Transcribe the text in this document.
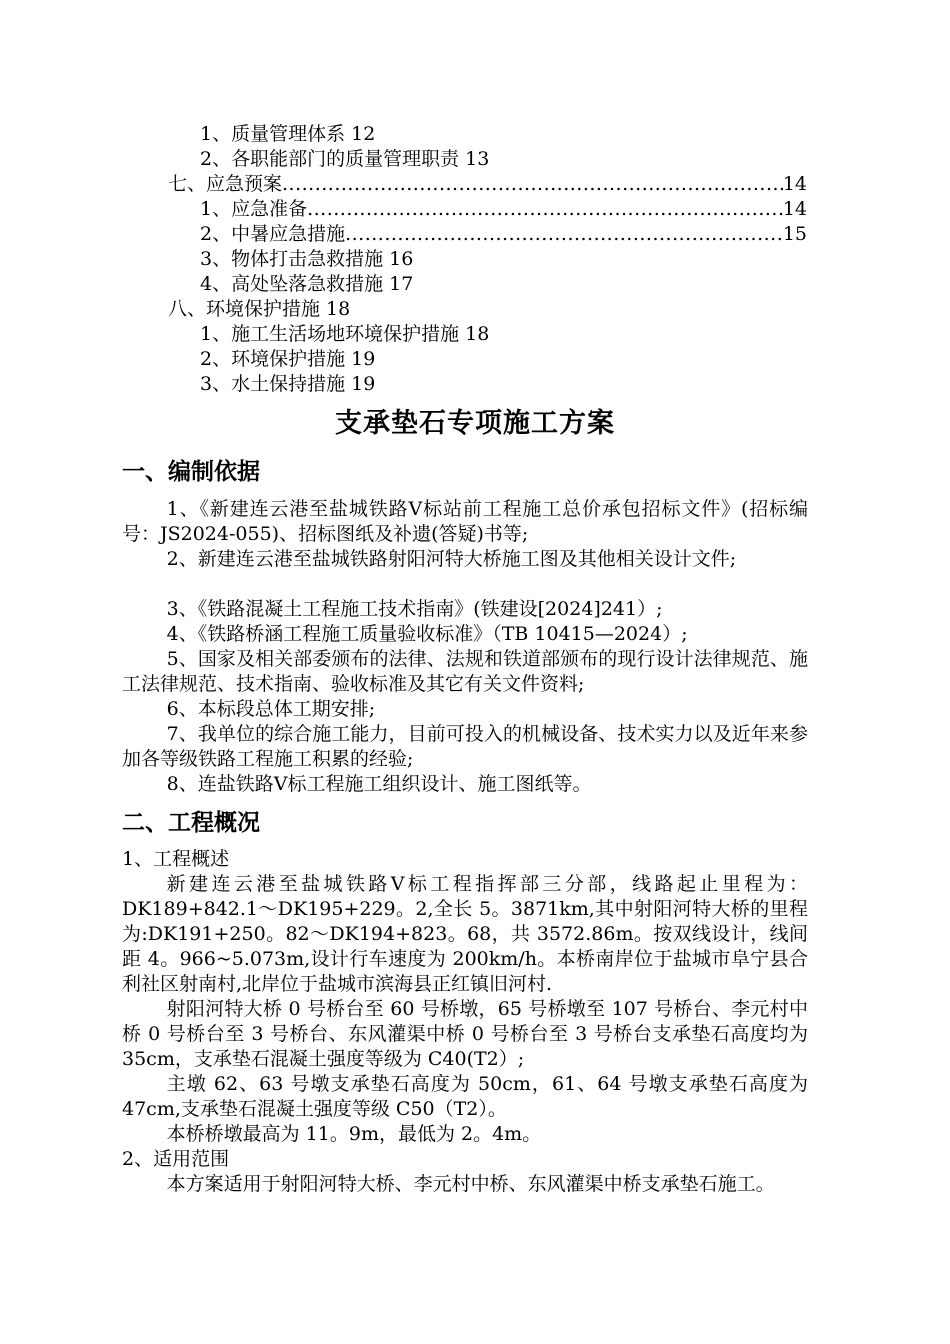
1、质量管理体系 12
2、各职能部门的质量管理职责 13
七、应急预案 .....	14
1、应急准备 .....	14
2、中暑应急措施 .....	15
3、物体打击急救措施 16
4、高处坠落急救措施 17
八、环境保护措施 18
1、施工生活场地环境保护措施 18
2、环境保护措施 19
3、水土保持措施 19
支承垫石专项施工方案
一、编制依据
1、《新建连云港至盐城铁路Ⅴ标站前工程施工总价承包招标文件》(招标编号：JS2024-055)、招标图纸及补遗(答疑)书等;
2、新建连云港至盐城铁路射阳河特大桥施工图及其他相关设计文件;
3、《铁路混凝土工程施工技术指南》(铁建设[2024]241）;
4、《铁路桥涵工程施工质量验收标准》（TB 10415—2024）;
5、国家及相关部委颁布的法律、法规和铁道部颁布的现行设计法律规范、施工法律规范、技术指南、验收标准及其它有关文件资料;
6、本标段总体工期安排;
7、我单位的综合施工能力，目前可投入的机械设备、技术实力以及近年来参加各等级铁路工程施工积累的经验;
8、连盐铁路Ⅴ标工程施工组织设计、施工图纸等。
二、工程概况
1、工程概述
新建连云港至盐城铁路Ⅴ标工程指挥部三分部，线路起止里程为：DK189+842.1～DK195+229。2,全长 5。3871km,其中射阳河特大桥的里程为:DK191+250。82～DK194+823。68，共 3572.86m。按双线设计，线间距 4。966~5.073m,设计行车速度为 200km/h。本桥南岸位于盐城市阜宁县合利社区射南村,北岸位于盐城市滨海县正红镇旧河村.
射阳河特大桥 0 号桥台至 60 号桥墩，65 号桥墩至 107 号桥台、李元村中桥 0 号桥台至 3 号桥台、东风灌渠中桥 0 号桥台至 3 号桥台支承垫石高度均为 35cm，支承垫石混凝土强度等级为 C40(T2）;
主墩 62、63 号墩支承垫石高度为 50cm，61、64 号墩支承垫石高度为 47cm,支承垫石混凝土强度等级 C50（T2）。
本桥桥墩最高为 11。9m，最低为 2。4m。
2、适用范围
本方案适用于射阳河特大桥、李元村中桥、东风灌渠中桥支承垫石施工。
